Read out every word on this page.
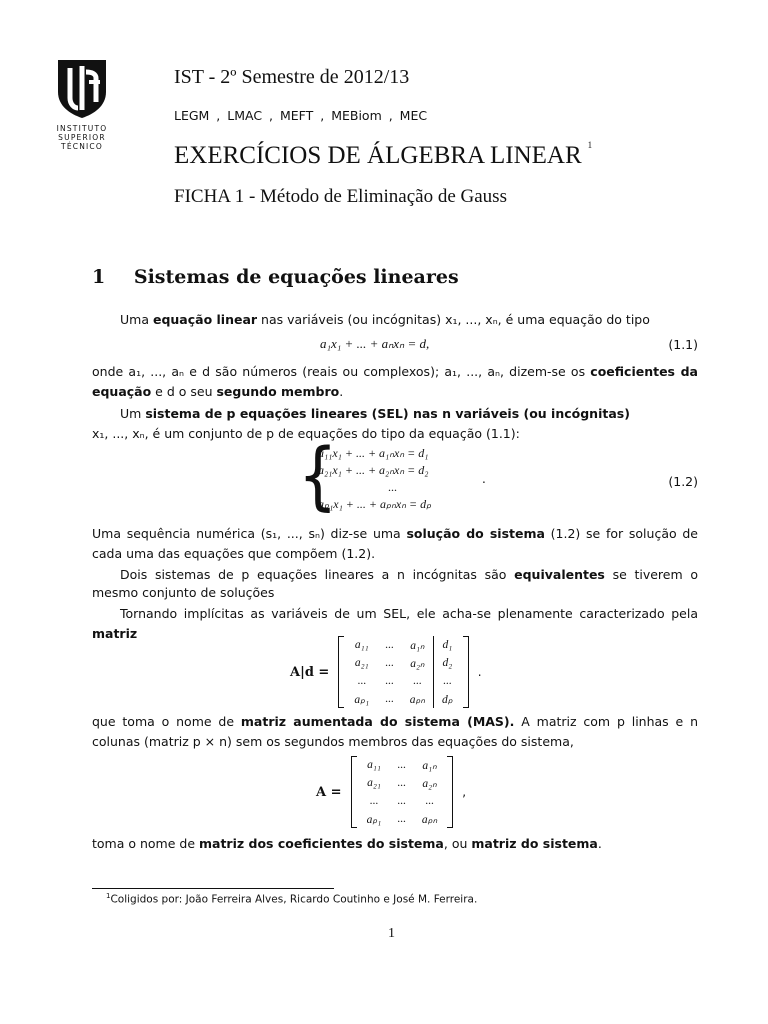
INSTITUTO
SUPERIOR
TÉCNICO
IST - 2º Semestre de 2012/13
LEGM , LMAC , MEFT , MEBiom , MEC
EXERCÍCIOS DE ÁLGEBRA LINEAR $^1$
FICHA 1 - Método de Eliminação de Gauss
1 Sistemas de equações lineares
Uma equação linear nas variáveis (ou incógnitas) x₁, ..., xₙ, é uma equação do tipo
a₁x₁ + ... + aₙxₙ = d,	(1.1)
onde a₁, ..., aₙ e d são números (reais ou complexos); a₁, ..., aₙ, dizem-se os coeficientes da equação e d o seu segundo membro.
Um sistema de p equações lineares (SEL) nas n variáveis (ou incógnitas)
x₁, ..., xₙ, é um conjunto de p de equações do tipo da equação (1.1):
{
a₁₁x₁ + ... + a₁ₙxₙ = d₁
a₂₁x₁ + ... + a₂ₙxₙ = d₂
...
aₚ₁x₁ + ... + aₚₙxₙ = dₚ
.	(1.2)
Uma sequência numérica (s₁, ..., sₙ) diz-se uma solução do sistema (1.2) se for solução de cada uma das equações que compõem (1.2).
Dois sistemas de p equações lineares a n incógnitas são equivalentes se tiverem o mesmo conjunto de soluções
Tornando implícitas as variáveis de um SEL, ele acha-se plenamente caracterizado pela matriz
A|d =
a₁₁	...	a₁ₙ	d₁
a₂₁	...	a₂ₙ	d₂
...	...	...	...
aₚ₁	...	aₚₙ	dₚ
.
que toma o nome de matriz aumentada do sistema (MAS). A matriz com p linhas e n colunas (matriz p × n) sem os segundos membros das equações do sistema,
A =
a₁₁	...	a₁ₙ
a₂₁	...	a₂ₙ
...	...	...
aₚ₁	...	aₚₙ
,
toma o nome de matriz dos coeficientes do sistema, ou matriz do sistema.
$^1$Coligidos por: João Ferreira Alves, Ricardo Coutinho e José M. Ferreira.
1
